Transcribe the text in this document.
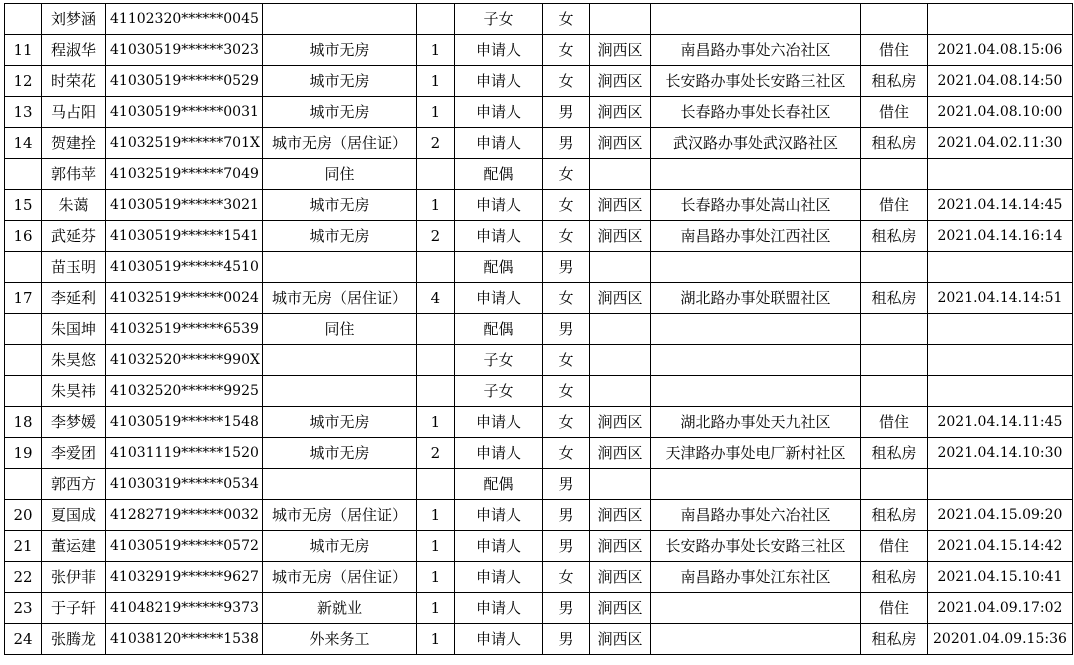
	刘梦涵	41102320******0045			子女	女				
11	程淑华	41030519******3023	城市无房	1	申请人	女	涧西区	南昌路办事处六冶社区	借住	2021.04.08.15:06
12	时荣花	41030519******0529	城市无房	1	申请人	女	涧西区	长安路办事处长安路三社区	租私房	2021.04.08.14:50
13	马占阳	41030519******0031	城市无房	1	申请人	男	涧西区	长春路办事处长春社区	借住	2021.04.08.10:00
14	贺建拴	41032519******701X	城市无房（居住证）	2	申请人	男	涧西区	武汉路办事处武汉路社区	租私房	2021.04.02.11:30
	郭伟苹	41032519******7049	同住		配偶	女				
15	朱蔼	41030519******3021	城市无房	1	申请人	女	涧西区	长春路办事处嵩山社区	借住	2021.04.14.14:45
16	武延芬	41030519******1541	城市无房	2	申请人	女	涧西区	南昌路办事处江西社区	租私房	2021.04.14.16:14
	苗玉明	41030519******4510			配偶	男				
17	李延利	41032519******0024	城市无房（居住证）	4	申请人	女	涧西区	湖北路办事处联盟社区	租私房	2021.04.14.14:51
	朱国坤	41032519******6539	同住		配偶	男				
	朱昊悠	41032520******990X			子女	女				
	朱昊祎	41032520******9925			子女	女				
18	李梦媛	41030519******1548	城市无房	1	申请人	女	涧西区	湖北路办事处天九社区	借住	2021.04.14.11:45
19	李爱团	41031119******1520	城市无房	2	申请人	女	涧西区	天津路办事处电厂新村社区	租私房	2021.04.14.10:30
	郭西方	41030319******0534			配偶	男				
20	夏国成	41282719******0032	城市无房（居住证）	1	申请人	男	涧西区	南昌路办事处六冶社区	租私房	2021.04.15.09:20
21	董运建	41030519******0572	城市无房	1	申请人	男	涧西区	长安路办事处长安路三社区	借住	2021.04.15.14:42
22	张伊菲	41032919******9627	城市无房（居住证）	1	申请人	女	涧西区	南昌路办事处江东社区	租私房	2021.04.15.10:41
23	于子轩	41048219******9373	新就业	1	申请人	男	涧西区		借住	2021.04.09.17:02
24	张腾龙	41038120******1538	外来务工	1	申请人	男	涧西区		租私房	20201.04.09.15:36
